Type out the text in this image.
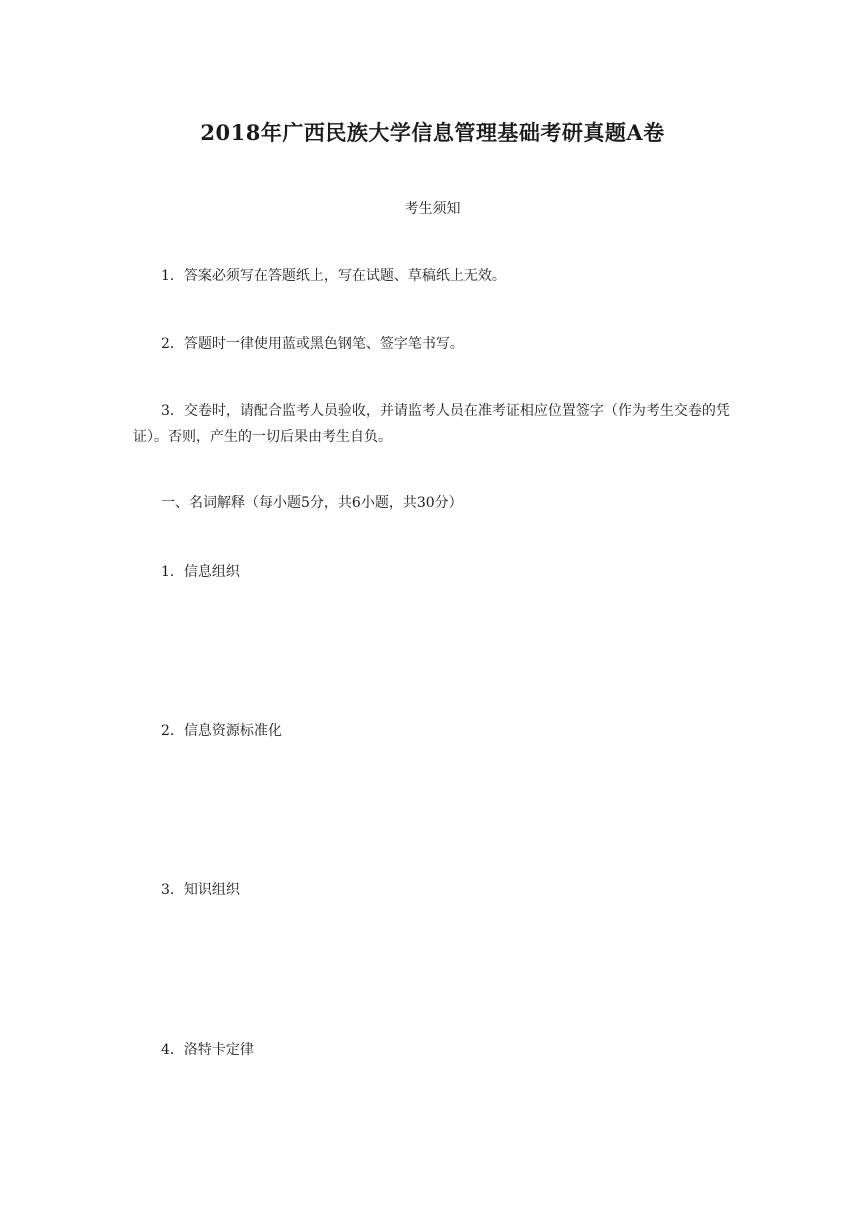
2018年广西民族大学信息管理基础考研真题A卷

考生须知

1．答案必须写在答题纸上，写在试题、草稿纸上无效。

2．答题时一律使用蓝或黑色钢笔、签字笔书写。

3．交卷时，请配合监考人员验收，并请监考人员在准考证相应位置签字（作为考生交卷的凭证）。否则，产生的一切后果由考生自负。

一、名词解释（每小题5分，共6小题，共30分）

1．信息组织

2．信息资源标准化

3．知识组织

4．洛特卡定律
